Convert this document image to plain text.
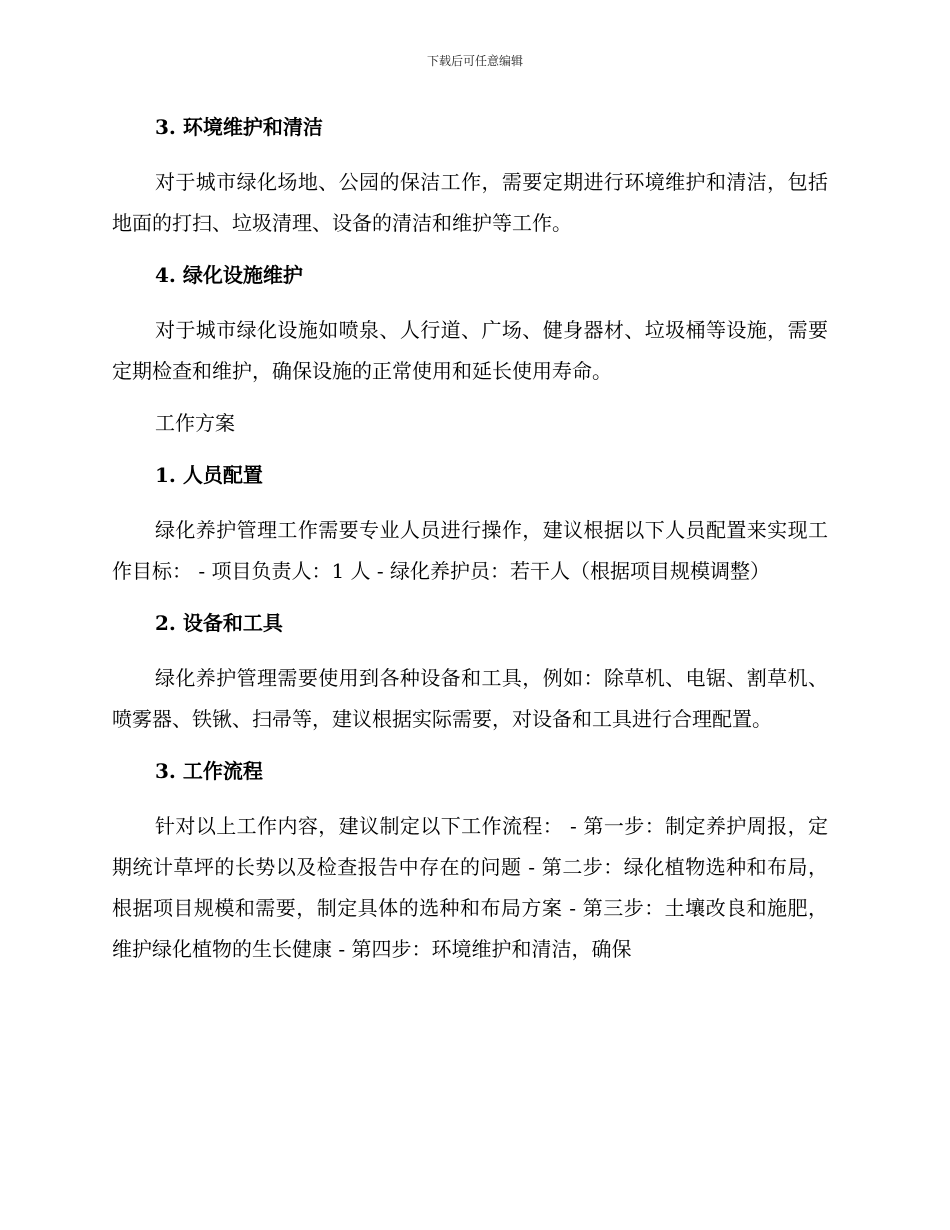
下载后可任意编辑
3. 环境维护和清洁

对于城市绿化场地、公园的保洁工作，需要定期进行环境维护和清洁，包括地面的打扫、垃圾清理、设备的清洁和维护等工作。

4. 绿化设施维护

对于城市绿化设施如喷泉、人行道、广场、健身器材、垃圾桶等设施，需要定期检查和维护，确保设施的正常使用和延长使用寿命。

工作方案
1. 人员配置

绿化养护管理工作需要专业人员进行操作，建议根据以下人员配置来实现工作目标： - 项目负责人：1 人 - 绿化养护员：若干人（根据项目规模调整）

2. 设备和工具

绿化养护管理需要使用到各种设备和工具，例如：除草机、电锯、割草机、喷雾器、铁锹、扫帚等，建议根据实际需要，对设备和工具进行合理配置。

3. 工作流程

针对以上工作内容，建议制定以下工作流程： - 第一步：制定养护周报，定期统计草坪的长势以及检查报告中存在的问题 - 第二步：绿化植物选种和布局，根据项目规模和需要，制定具体的选种和布局方案 - 第三步：土壤改良和施肥，维护绿化植物的生长健康 - 第四步：环境维护和清洁，确保
